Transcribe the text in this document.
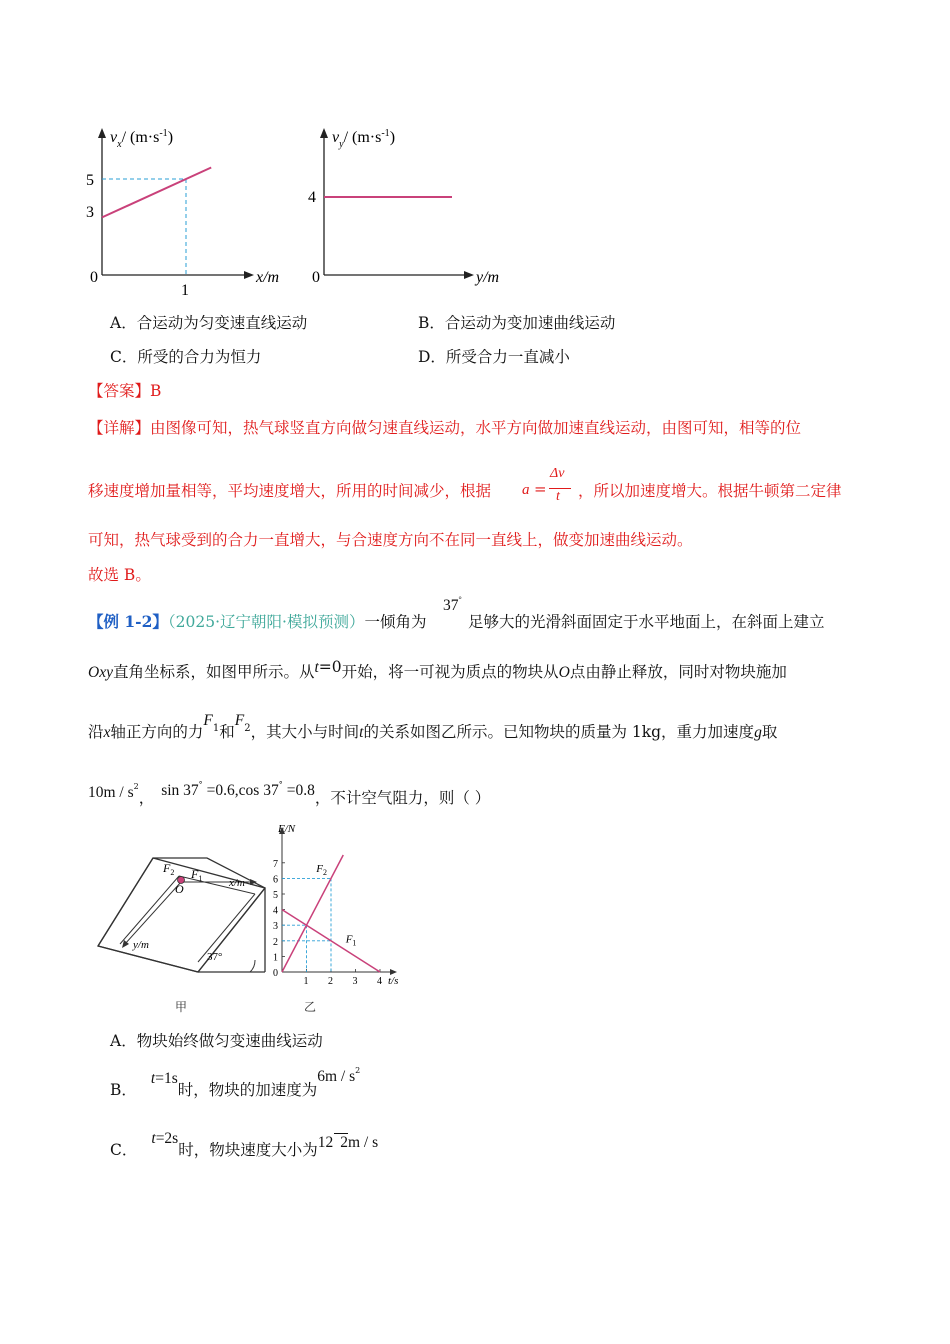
$v_x/$ $(m\cdot s^{-1})$
5
3
0
1
x/m
$v_y/$ $(m\cdot s^{-1})$
4
0	y/m
A．合运动为匀变速直线运动	B．合运动为变加速曲线运动
C．所受的合力为恒力	D．所受合力一直减小
【答案】B
【详解】由图像可知，热气球竖直方向做匀速直线运动，水平方向做加速直线运动，由图可知，相等的位
移速度增加量相等，平均速度增大，所用的时间减少，根据 a =
Δv
t ，所以加速度增大。根据牛顿第二定律
可知，热气球受到的合力一直增大，与合速度方向不在同一直线上，做变加速曲线运动。
故选 B。
【例 1-2】（2025·辽宁朝阳·模拟预测）一倾角为
37°
足够大的光滑斜面固定于水平地面上，在斜面上建立
Oxy直角坐标系，如图甲所示。从t=0开始，将一可视为质点的物块从O点由静止释放，同时对物块施加
沿x轴正方向的力$F^1$和$F^2$，其大小与时间t的关系如图乙所示。已知物块的质量为 1kg，重力加速度g取
$10m / s^2$， sin 37° =0.6,cos 37° =0.8，不计空气阻力，则（ ）
$F_2$ $F_1$
O	x/m
y/m
37°
甲
0
1
2
3
4
5
6
7
1 2 3 4
F/N
t/s
$F_2$
$F_1$
乙
A．物块始终做匀变速曲线运动
B．t=1s时，物块的加速度为$6m / s^2$
C．t=2s时，物块速度大小为12 2m / s
